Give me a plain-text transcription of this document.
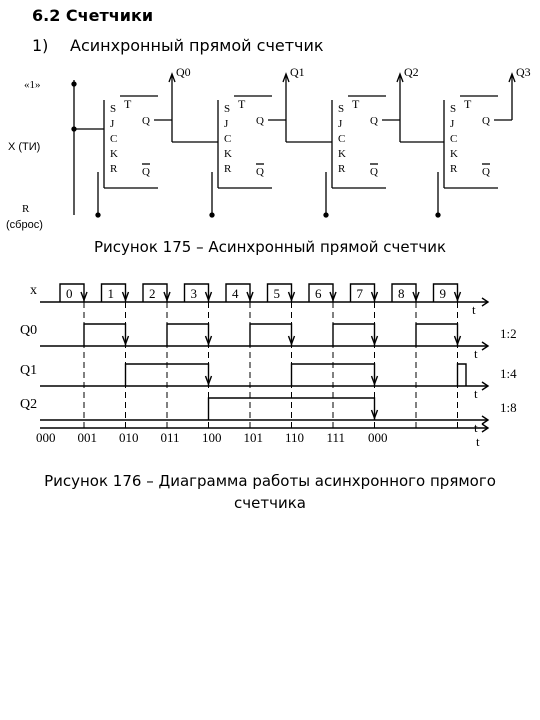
6.2 Счетчики
1) Асинхронный прямой счетчик
«1»
X (ТИ)
R
(сброс)
T
S
J
C
K
R
Q
Q
Q0
T
S
J
C
K
R
Q
Q
Q1
T
S
J
C
K
R
Q
Q
Q2
T
S
J
C
K
R
Q
Q
Q3
Рисунок 175 – Асинхронный прямой счетчик
x
t
0	1	2	3	4	5	6	7	8	9
Q0
t
1:2
Q1
t
1:4
Q2
t
1:8
t
000 001 010 011 100 101 110 111 000
Рисунок 176 – Диаграмма работы асинхронного прямого счетчика
